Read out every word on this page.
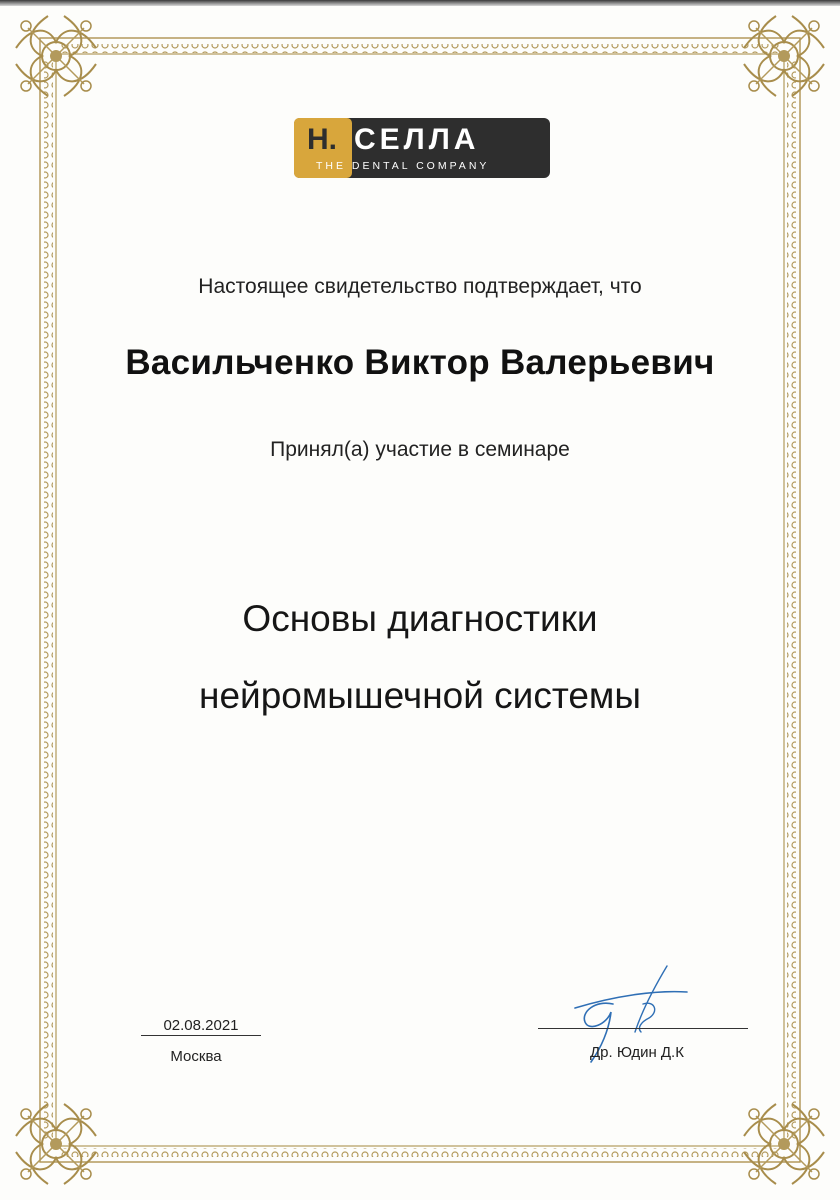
H. СЕЛЛА
THE DENTAL COMPANY
Настоящее свидетельство подтверждает, что
Васильченко Виктор Валерьевич
Принял(а) участие в семинаре
Основы диагностики
нейромышечной системы
02.08.2021
Москва	Др. Юдин Д.К
